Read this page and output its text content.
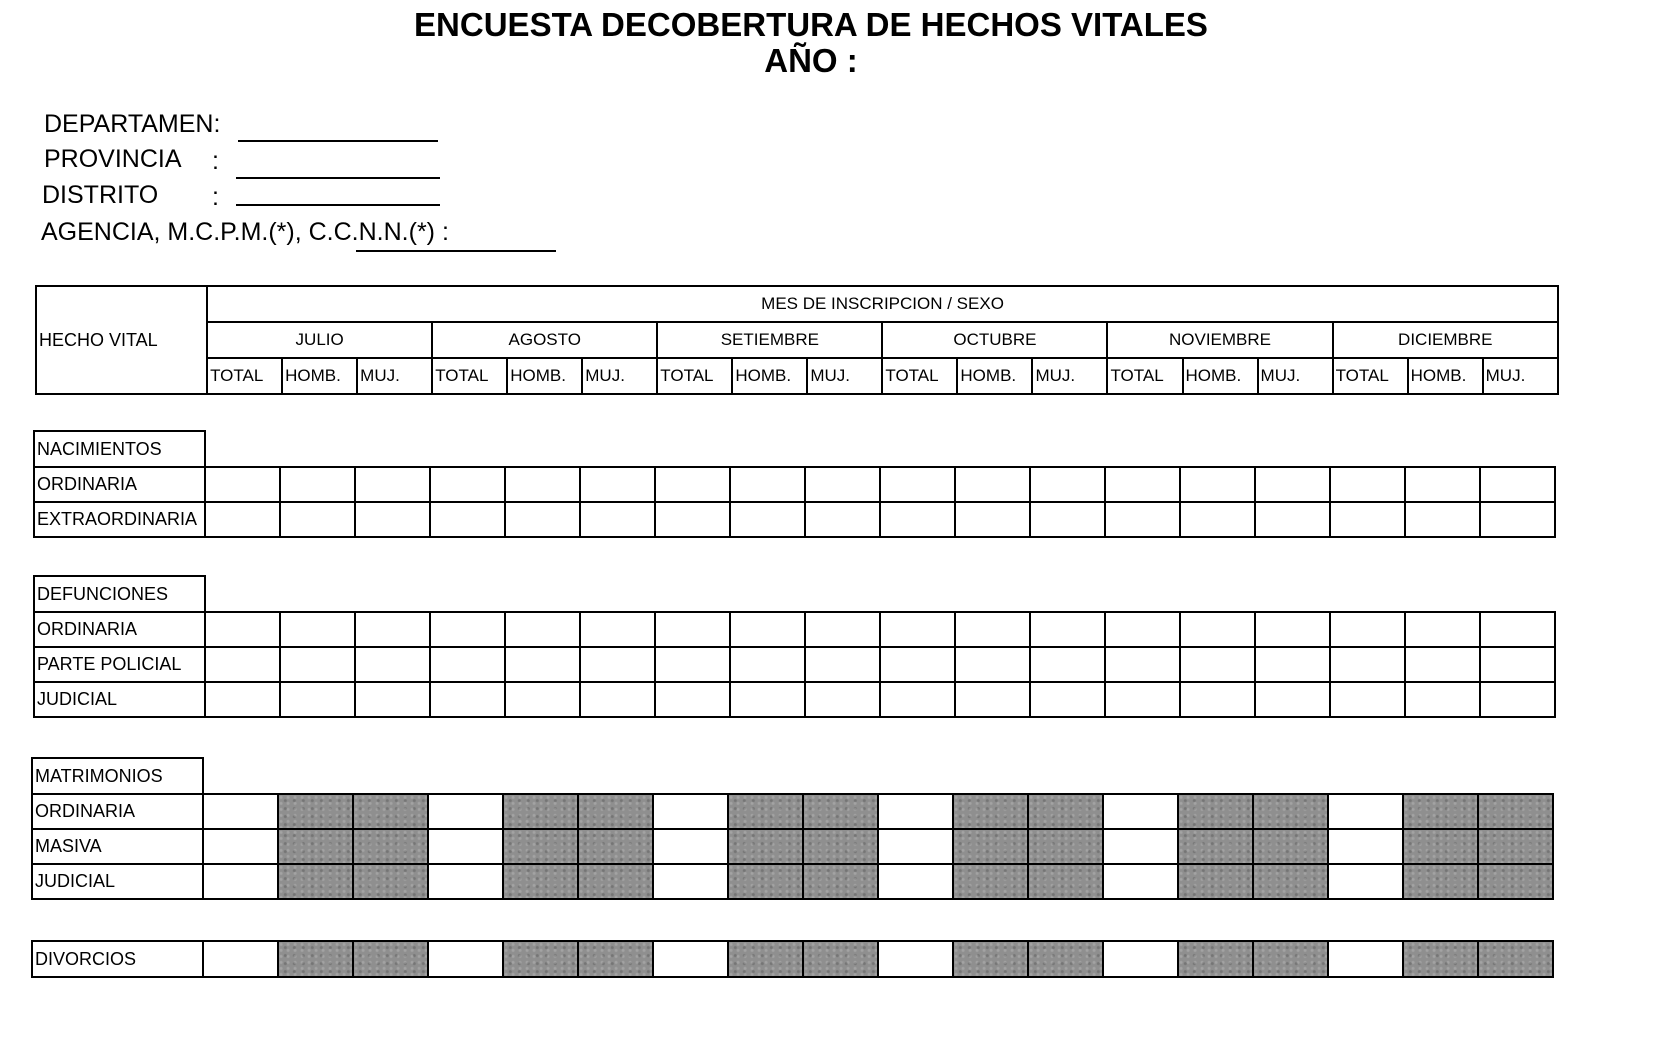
ENCUESTA DECOBERTURA DE HECHOS VITALES
AÑO :
DEPARTAMEN:
PROVINCIA :
DISTRITO :
AGENCIA, M.C.P.M.(*), C.C.N.N.(*) :
HECHO VITAL	MES DE INSCRIPCION / SEXO																	
	JULIO			AGOSTO			SETIEMBRE			OCTUBRE			NOVIEMBRE			DICIEMBRE		
	TOTAL	HOMB.	MUJ.	TOTAL	HOMB.	MUJ.	TOTAL	HOMB.	MUJ.	TOTAL	HOMB.	MUJ.	TOTAL	HOMB.	MUJ.	TOTAL	HOMB.	MUJ.
NACIMIENTOS																		
ORDINARIA																		
EXTRAORDINARIA																		
DEFUNCIONES																		
ORDINARIA																		
PARTE POLICIAL																		
JUDICIAL																		
MATRIMONIOS																		
ORDINARIA																		
MASIVA																		
JUDICIAL																		
DIVORCIOS																		
